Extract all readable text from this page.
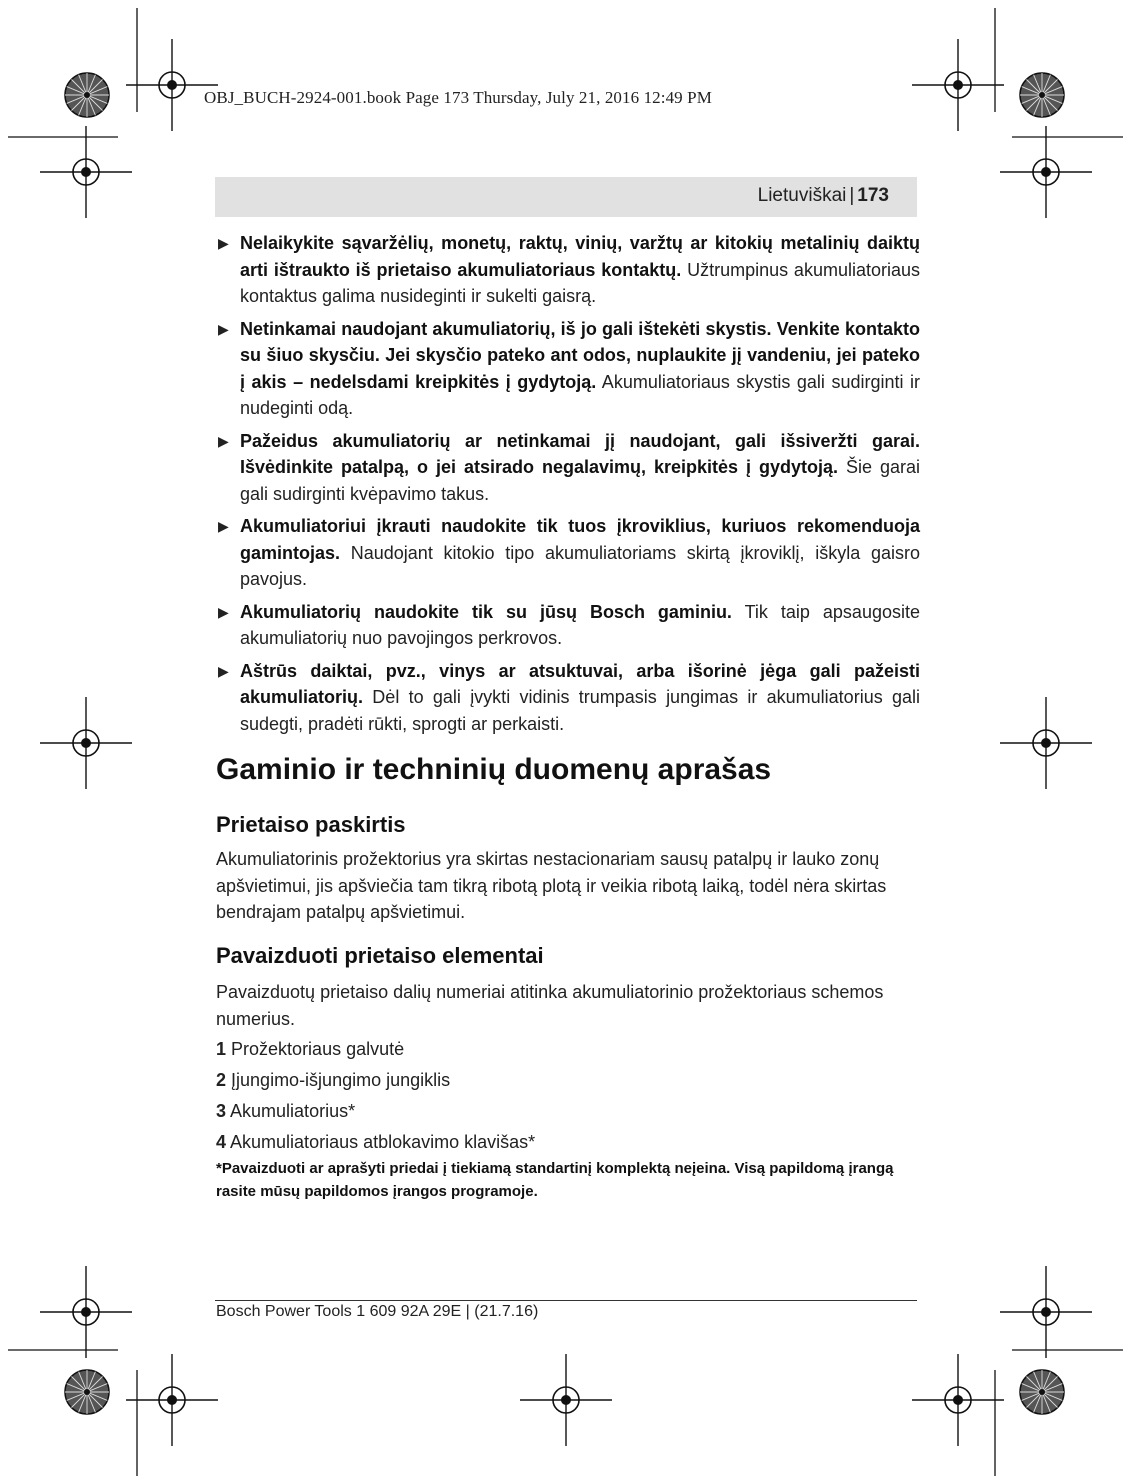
OBJ_BUCH-2924-001.book Page 173 Thursday, July 21, 2016 12:49 PM
Lietuviškai | 173
▶ Nelaikykite sąvaržėlių, monetų, raktų, vinių, varžtų ar kitokių metalinių daiktų arti ištraukto iš prietaiso akumuliatoriaus kontaktų. Užtrumpinus akumuliatoriaus kontaktus galima nusideginti ir sukelti gaisrą.
▶ Netinkamai naudojant akumuliatorių, iš jo gali ištekėti skystis. Venkite kontakto su šiuo skysčiu. Jei skysčio pateko ant odos, nuplaukite jį vandeniu, jei pateko į akis – nedelsdami kreipkitės į gydytoją. Akumuliatoriaus skystis gali sudirginti ir nudeginti odą.
▶ Pažeidus akumuliatorių ar netinkamai jį naudojant, gali išsiveržti garai. Išvėdinkite patalpą, o jei atsirado negalavimų, kreipkitės į gydytoją. Šie garai gali sudirginti kvėpavimo takus.
▶ Akumuliatoriui įkrauti naudokite tik tuos įkroviklius, kuriuos rekomenduoja gamintojas. Naudojant kitokio tipo akumuliatoriams skirtą įkroviklį, iškyla gaisro pavojus.
▶ Akumuliatorių naudokite tik su jūsų Bosch gaminiu. Tik taip apsaugosite akumuliatorių nuo pavojingos perkrovos.
▶ Aštrūs daiktai, pvz., vinys ar atsuktuvai, arba išorinė jėga gali pažeisti akumuliatorių. Dėl to gali įvykti vidinis trumpasis jungimas ir akumuliatorius gali sudegti, pradėti rūkti, sprogti ar perkaisti.
Gaminio ir techninių duomenų aprašas
Prietaiso paskirtis

Akumuliatorinis prožektorius yra skirtas nestacionariam sausų patalpų ir lauko zonų apšvietimui, jis apšviečia tam tikrą ribotą plotą ir veikia ribotą laiką, todėl nėra skirtas bendrajam patalpų apšvietimui.

Pavaizduoti prietaiso elementai

Pavaizduotų prietaiso dalių numeriai atitinka akumuliatorinio prožektoriaus schemos numerius.

1 Prožektoriaus galvutė
2 Įjungimo-išjungimo jungiklis
3 Akumuliatorius*
4 Akumuliatoriaus atblokavimo klavišas*

*Pavaizduoti ar aprašyti priedai į tiekiamą standartinį komplektą neįeina. Visą papildomą įrangą rasite mūsų papildomos įrangos programoje.

Bosch Power Tools 1 609 92A 29E | (21.7.16)
